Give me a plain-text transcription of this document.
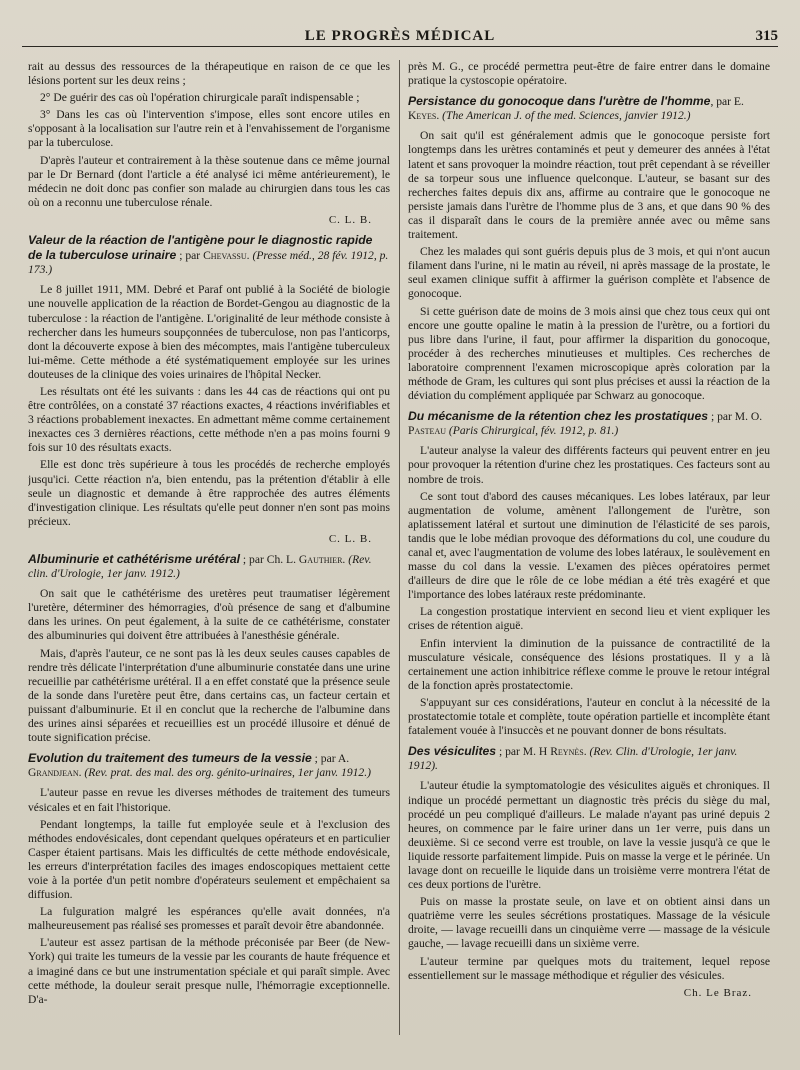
LE PROGRÈS MÉDICAL	315

rait au dessus des ressources de la thérapeutique en raison de ce que les lésions portent sur les deux reins ;

2° De guérir des cas où l'opération chirurgicale paraît indispensable ;

3° Dans les cas où l'intervention s'impose, elles sont encore utiles en s'opposant à la localisation sur l'autre rein et à l'envahissement de l'organisme par la tuberculose.

D'après l'auteur et contrairement à la thèse soutenue dans ce même journal par le Dr Bernard (dont l'article a été analysé ici même antérieurement), le médecin ne doit donc pas confier son malade au chirurgien dans tous les cas où on a reconnu une tuberculose rénale.

C. L. B.
Valeur de la réaction de l'antigène pour le diagnostic rapide de la tuberculose urinaire ; par Chevassu. (Presse méd., 28 fév. 1912, p. 173.)

Le 8 juillet 1911, MM. Debré et Paraf ont publié à la Société de biologie une nouvelle application de la réaction de Bordet-Gengou au diagnostic de la tuberculose : la réaction de l'antigène. L'originalité de leur méthode consiste à rechercher dans les humeurs soupçonnées de tuberculose, non pas l'anticorps, dont la découverte expose à bien des mécomptes, mais l'antigène tuberculeux lui-même. Cette méthode a été systématiquement employée sur les urines douteuses de la clinique des voies urinaires de l'hôpital Necker.

Les résultats ont été les suivants : dans les 44 cas de réactions qui ont pu être contrôlées, on a constaté 37 réactions exactes, 4 réactions invérifiables et 3 réactions probablement inexactes. En admettant même comme certainement inexactes ces 3 dernières réactions, cette méthode n'en a pas moins fourni 9 fois sur 10 des résultats exacts.

Elle est donc très supérieure à tous les procédés de recherche employés jusqu'ici. Cette réaction n'a, bien entendu, pas la prétention d'établir à elle seule un diagnostic et demande à être rapprochée des autres éléments d'investigation clinique. Les résultats qu'elle peut donner n'en sont pas moins précieux.

C. L. B.
Albuminurie et cathétérisme urétéral ; par Ch. L. Gauthier. (Rev. clin. d'Urologie, 1er janv. 1912.)

On sait que le cathétérisme des uretères peut traumatiser légèrement l'uretère, déterminer des hémorragies, d'où présence de sang et d'albumine dans les urines. On peut également, à la suite de ce cathétérisme, constater des albuminuries qui doivent être attribuées à l'anesthésie générale.

Mais, d'après l'auteur, ce ne sont pas là les deux seules causes capables de rendre très délicate l'interprétation d'une albuminurie constatée dans une urine recueillie par cathétérisme urétéral. Il a en effet constaté que la présence seule de la sonde dans l'uretère peut être, dans certains cas, un facteur certain et puissant d'albuminurie. Et il en conclut que la recherche de l'albumine dans des urines ainsi séparées et recueillies est un procédé illusoire et dénué de toute signification précise.

Evolution du traitement des tumeurs de la vessie ; par A. Grandjean. (Rev. prat. des mal. des org. génito-urinaires, 1er janv. 1912.)

L'auteur passe en revue les diverses méthodes de traitement des tumeurs vésicales et en fait l'historique.

Pendant longtemps, la taille fut employée seule et à l'exclusion des méthodes endovésicales, dont cependant quelques opérateurs et en particulier Casper étaient partisans. Mais les difficultés de cette méthode endovésicale, les erreurs d'interprétation faciles des images endoscopiques mettaient cette voie à la portée d'un petit nombre d'opérateurs seulement et empêchaient sa diffusion.

La fulguration malgré les espérances qu'elle avait données, n'a malheureusement pas réalisé ses promesses et paraît devoir être abandonnée.

L'auteur est assez partisan de la méthode préconisée par Beer (de New-York) qui traite les tumeurs de la vessie par les courants de haute fréquence et a imaginé dans ce but une instrumentation spéciale et qui paraît simple. Avec cette méthode, la douleur serait presque nulle, l'hémorragie exceptionnelle. D'a-

près M. G., ce procédé permettra peut-être de faire entrer dans le domaine pratique la cystoscopie opératoire.

Persistance du gonocoque dans l'urètre de l'homme, par E. Keyes. (The American J. of the med. Sciences, janvier 1912.)

On sait qu'il est généralement admis que le gonocoque persiste fort longtemps dans les urètres contaminés et peut y demeurer des années à l'état latent et sans provoquer la moindre réaction, tout prêt cependant à se réveiller de sa torpeur sous une influence quelconque. L'auteur, se basant sur des recherches faites depuis dix ans, affirme au contraire que le gonocoque ne persiste jamais dans l'urètre de l'homme plus de 3 ans, et que dans 90 % des cas il disparaît dans le cours de la première année avec ou même sans traitement.

Chez les malades qui sont guéris depuis plus de 3 mois, et qui n'ont aucun filament dans l'urine, ni le matin au réveil, ni après massage de la prostate, le seul examen clinique suffit à affirmer la guérison complète et l'absence de gonocoque.

Si cette guérison date de moins de 3 mois ainsi que chez tous ceux qui ont encore une goutte opaline le matin à la pression de l'urètre, ou a fortiori du pus libre dans l'urine, il faut, pour affirmer la disparition du gonocoque, procéder à des recherches minutieuses et multiples. Ces recherches de laboratoire comprennent l'examen microscopique après coloration par la méthode de Gram, les cultures qui sont plus précises et aussi la réaction de la déviation du complément appliquée par Schwarz au gonocoque.

Du mécanisme de la rétention chez les prostatiques ; par M. O. Pasteau (Paris Chirurgical, fév. 1912, p. 81.)

L'auteur analyse la valeur des différents facteurs qui peuvent entrer en jeu pour provoquer la rétention d'urine chez les prostatiques. Ces facteurs sont au nombre de trois.

Ce sont tout d'abord des causes mécaniques. Les lobes latéraux, par leur augmentation de volume, amènent l'allongement de l'urètre, son aplatissement latéral et surtout une diminution de l'élasticité de ses parois, tandis que le lobe médian provoque des déformations du col, une coudure du canal et, avec l'augmentation de volume des lobes latéraux, le soulèvement en masse du col dans la vessie. L'examen des pièces opératoires permet d'ailleurs de dire que le rôle de ce lobe médian a été très exagéré et que l'importance des lobes latéraux reste prédominante.

La congestion prostatique intervient en second lieu et vient expliquer les crises de rétention aiguë.

Enfin intervient la diminution de la puissance de contractilité de la musculature vésicale, conséquence des lésions prostatiques. Il y a là certainement une action inhibitrice réflexe comme le prouve le retour intégral de la fonction après prostatectomie.

S'appuyant sur ces considérations, l'auteur en conclut à la nécessité de la prostatectomie totale et complète, toute opération partielle et incomplète étant fatalement vouée à l'insuccès et ne pouvant donner de bons résultats.

Des vésiculites ; par M. H Reynès. (Rev. Clin. d'Urologie, 1er janv. 1912).

L'auteur étudie la symptomatologie des vésiculites aiguës et chroniques. Il indique un procédé permettant un diagnostic très précis du siège du mal, procédé un peu compliqué d'ailleurs. Le malade n'ayant pas uriné depuis 2 heures, on commence par le faire uriner dans un 1er verre, puis dans un deuxième. Si ce second verre est trouble, on lave la vessie jusqu'à ce que le liquide ressorte parfaitement limpide. Puis on masse la verge et le périnée. Un lavage dont on recueille le liquide dans un troisième verre montrera l'état de ces deux portions de l'urètre.

Puis on masse la prostate seule, on lave et on obtient ainsi dans un quatrième verre les seules sécrétions prostatiques. Massage de la vésicule droite, — lavage recueilli dans un cinquième verre — massage de la vésicule gauche, — lavage recueilli dans un sixième verre.

L'auteur termine par quelques mots du traitement, lequel repose essentiellement sur le massage méthodique et régulier des vésicules.

Ch. Le Braz.
